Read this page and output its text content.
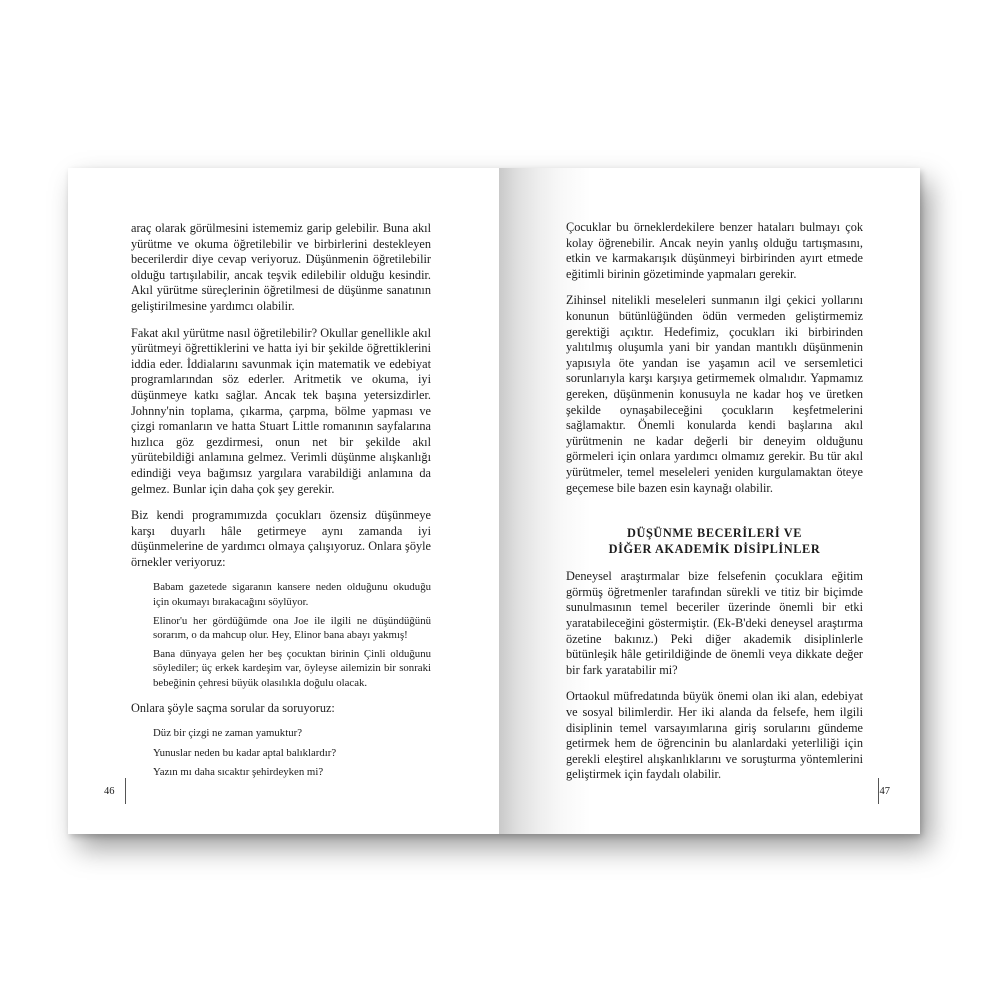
araç olarak görülmesini istememiz garip gelebilir. Buna akıl yürütme ve okuma öğretilebilir ve birbirlerini destekleyen becerilerdir diye cevap veriyoruz. Düşünmenin öğretilebilir olduğu tartışılabilir, ancak teşvik edilebilir olduğu kesindir. Akıl yürütme süreçlerinin öğretilmesi de düşünme sanatının geliştirilmesine yardımcı olabilir.

Fakat akıl yürütme nasıl öğretilebilir? Okullar genellikle akıl yürütmeyi öğrettiklerini ve hatta iyi bir şekilde öğrettiklerini iddia eder. İddialarını savunmak için matematik ve edebiyat programlarından söz ederler. Aritmetik ve okuma, iyi düşünmeye katkı sağlar. Ancak tek başına yetersizdirler. Johnny'nin toplama, çıkarma, çarpma, bölme yapması ve çizgi romanların ve hatta Stuart Little romanının sayfalarına hızlıca göz gezdirmesi, onun net bir şekilde akıl yürütebildiği anlamına gelmez. Verimli düşünme alışkanlığı edindiği veya bağımsız yargılara varabildiği anlamına da gelmez. Bunlar için daha çok şey gerekir.

Biz kendi programımızda çocukları özensiz düşünmeye karşı duyarlı hâle getirmeye aynı zamanda iyi düşünmelerine de yardımcı olmaya çalışıyoruz. Onlara şöyle örnekler veriyoruz:

Babam gazetede sigaranın kansere neden olduğunu okuduğu için okumayı bırakacağını söylüyor.

Elinor'u her gördüğümde ona Joe ile ilgili ne düşündüğünü sorarım, o da mahcup olur. Hey, Elinor bana abayı yakmış!

Bana dünyaya gelen her beş çocuktan birinin Çinli olduğunu söylediler; üç erkek kardeşim var, öyleyse ailemizin bir sonraki bebeğinin çehresi büyük olasılıkla doğulu olacak.

Onlara şöyle saçma sorular da soruyoruz:

Düz bir çizgi ne zaman yamuktur?

Yunuslar neden bu kadar aptal balıklardır?

Yazın mı daha sıcaktır şehirdeyken mi?

46

Çocuklar bu örneklerdekilere benzer hataları bulmayı çok kolay öğrenebilir. Ancak neyin yanlış olduğu tartışmasını, etkin ve karmakarışık düşünmeyi birbirinden ayırt etmede eğitimli birinin gözetiminde yapmaları gerekir.

Zihinsel nitelikli meseleleri sunmanın ilgi çekici yollarını konunun bütünlüğünden ödün vermeden geliştirmemiz gerektiği açıktır. Hedefimiz, çocukları iki birbirinden yalıtılmış oluşumla yani bir yandan mantıklı düşünmenin yapısıyla öte yandan ise yaşamın acil ve sersemletici sorunlarıyla karşı karşıya getirmemek olmalıdır. Yapmamız gereken, düşünmenin konusuyla ne kadar hoş ve üretken şekilde oynaşabileceğini çocukların keşfetmelerini sağlamaktır. Önemli konularda kendi başlarına akıl yürütmenin ne kadar değerli bir deneyim olduğunu görmeleri için onlara yardımcı olmamız gerekir. Bu tür akıl yürütmeler, temel meseleleri yeniden kurgulamaktan öteye geçemese bile bazen esin kaynağı olabilir.

DÜŞÜNME BECERİLERİ VE
DİĞER AKADEMİK DİSİPLİNLER

Deneysel araştırmalar bize felsefenin çocuklara eğitim görmüş öğretmenler tarafından sürekli ve titiz bir biçimde sunulmasının temel beceriler üzerinde önemli bir etki yaratabileceğini göstermiştir. (Ek-B'deki deneysel araştırma özetine bakınız.) Peki diğer akademik disiplinlerle bütünleşik hâle getirildiğinde de önemli veya dikkate değer bir fark yaratabilir mi?

Ortaokul müfredatında büyük önemi olan iki alan, edebiyat ve sosyal bilimlerdir. Her iki alanda da felsefe, hem ilgili disiplinin temel varsayımlarına giriş sorularını gündeme getirmek hem de öğrencinin bu alanlardaki yeterliliği için gerekli eleştirel alışkanlıklarını ve soruşturma yöntemlerini geliştirmek için faydalı olabilir.

47
